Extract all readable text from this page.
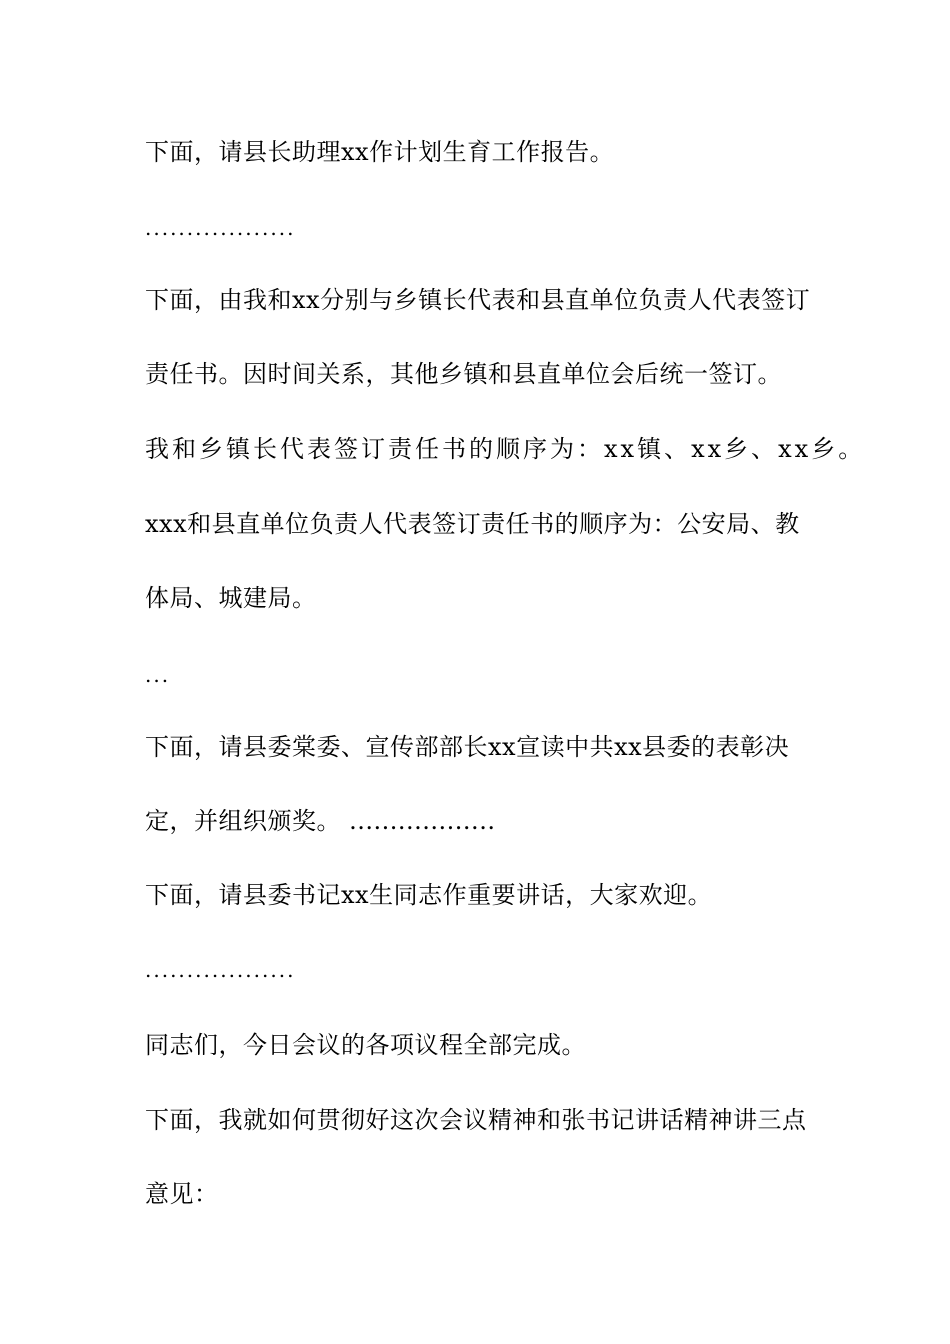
下面，请县长助理xx作计划生育工作报告。
..................
下面，由我和xx分别与乡镇长代表和县直单位负责人代表签订
责任书。因时间关系，其他乡镇和县直单位会后统一签订。
我和乡镇长代表签订责任书的顺序为：xx镇、xx乡、xx乡。
xxx和县直单位负责人代表签订责任书的顺序为：公安局、教
体局、城建局。
...
下面，请县委棠委、宣传部部长xx宣读中共xx县委的表彰决
定，并组织颁奖。 ..................
下面，请县委书记xx生同志作重要讲话，大家欢迎。
..................
同志们，今日会议的各项议程全部完成。
下面，我就如何贯彻好这次会议精神和张书记讲话精神讲三点
意见：
